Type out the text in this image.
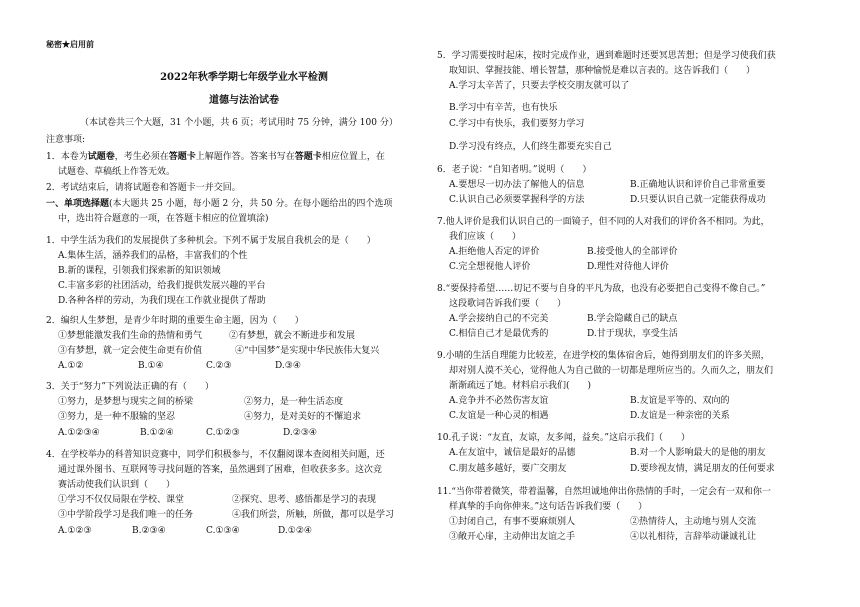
秘密★启用前
2022年秋季学期七年级学业水平检测
道德与法治试卷
（本试卷共三个大题，31 个小题，共 6 页；考试用时 75 分钟，满分 100 分）
注意事项:
1．本卷为试题卷，考生必须在答题卡上解题作答。答案书写在答题卡相应位置上，在
试题卷、草稿纸上作答无效。
2．考试结束后，请将试题卷和答题卡一并交回。
一、单项选择题(本大题共 25 小题，每小题 2 分，共 50 分。在每小题给出的四个选项
中，选出符合题意的一项，在答题卡相应的位置填涂)
1．中学生活为我们的发展提供了多种机会。下列不属于发展自我机会的是（　　）
A.集体生活，涵养我们的品格，丰富我们的个性
B.新的课程，引领我们探索新的知识领域
C.丰富多彩的社团活动，给我们提供发展兴趣的平台
D.各种各样的劳动，为我们现在工作就业提供了帮助
2．编织人生梦想，是青少年时期的重要生命主题，因为（　　）
①梦想能激发我们生命的热情和勇气	②有梦想，就会不断进步和发展
③有梦想，就一定会使生命更有价值	④“中国梦”是实现中华民族伟大复兴
A.①②	B.①④	C.②③	D.③④
3．关于“努力”下列说法正确的有（　　）
①努力，是梦想与现实之间的桥梁	②努力，是一种生活态度
③努力，是一种不服输的坚忍	④努力，是对美好的不懈追求
A.①②③④	B.①②④	C.①②③	D.②③④
4．在学校举办的科普知识竞赛中，同学们积极参与，不仅翻阅课本查阅相关问题，还
通过课外图书、互联网等寻找问题的答案，虽然遇到了困难，但收获多多。这次竞
赛活动使我们认识到（　　）
①学习不仅仅局限在学校、课堂	②探究、思考、感悟都是学习的表现
③中学阶段学习是我们唯一的任务	④我们所尝，所触，所做，都可以是学习
A.①②③	B.②③④	C.①③④	D.①②④
5．学习需要按时起床，按时完成作业，遇到难题时还要冥思苦想；但是学习使我们获
取知识、掌握技能、增长智慧，那种愉悦是难以言表的。这告诉我们（　　）
A.学习太辛苦了，只要去学校交朋友就可以了
B.学习中有辛苦，也有快乐
C.学习中有快乐，我们要努力学习
D.学习没有终点，人们终生都要充实自己
6．老子说：“自知者明。”说明（　　）
A.要想尽一切办法了解他人的信息	B.正确地认识和评价自己非常重要
C.认识自己必须要掌握科学的方法	D.只要认识自己就一定能获得成功
7.他人评价是我们认识自己的一面镜子，但不同的人对我们的评价各不相同。为此，
我们应该（　　）
A.拒绝他人否定的评价	B.接受他人的全部评价
C.完全想视他人评价	D.理性对待他人评价
8.“要保持希望……切记不要与自身的平凡为敌，也没有必要把自己变得不像自己。”
这段歌词告诉我们要（　　）
A.学会接纳自己的不完美	B.学会隐藏自己的缺点
C.相信自己才是最优秀的	D.甘于现状，享受生活
9.小晴的生活自理能力比较差，在进学校的集体宿舍后，她得到朋友们的许多关照，
却对别人漠不关心，觉得他人为自己做的一切都是理所应当的。久而久之，朋友们
渐渐疏远了她。材料启示我们(　　)
A.竞争并不必然伤害友谊	B.友谊是平等的、双向的
C.友谊是一种心灵的相遇	D.友谊是一种亲密的关系
10.孔子说：“友直，友谅，友多闻，益矣。”这启示我们（　　）
A.在友谊中，诚信是最好的品德	B.对一个人影响最大的是他的朋友
C.朋友越多越好，要广交朋友	D.要珍视友情，满足朋友的任何要求
11.“当你带着微笑，带着温馨，自然坦诚地伸出你热情的手时，一定会有一双和你一
样真挚的手向你伸来。”这句话告诉我们要（　　）
①封闭自己，有事不要麻烦别人	②热情待人，主动地与别人交流
③敞开心扉，主动伸出友谊之手	④以礼相待，言辞举动谦诚礼让
